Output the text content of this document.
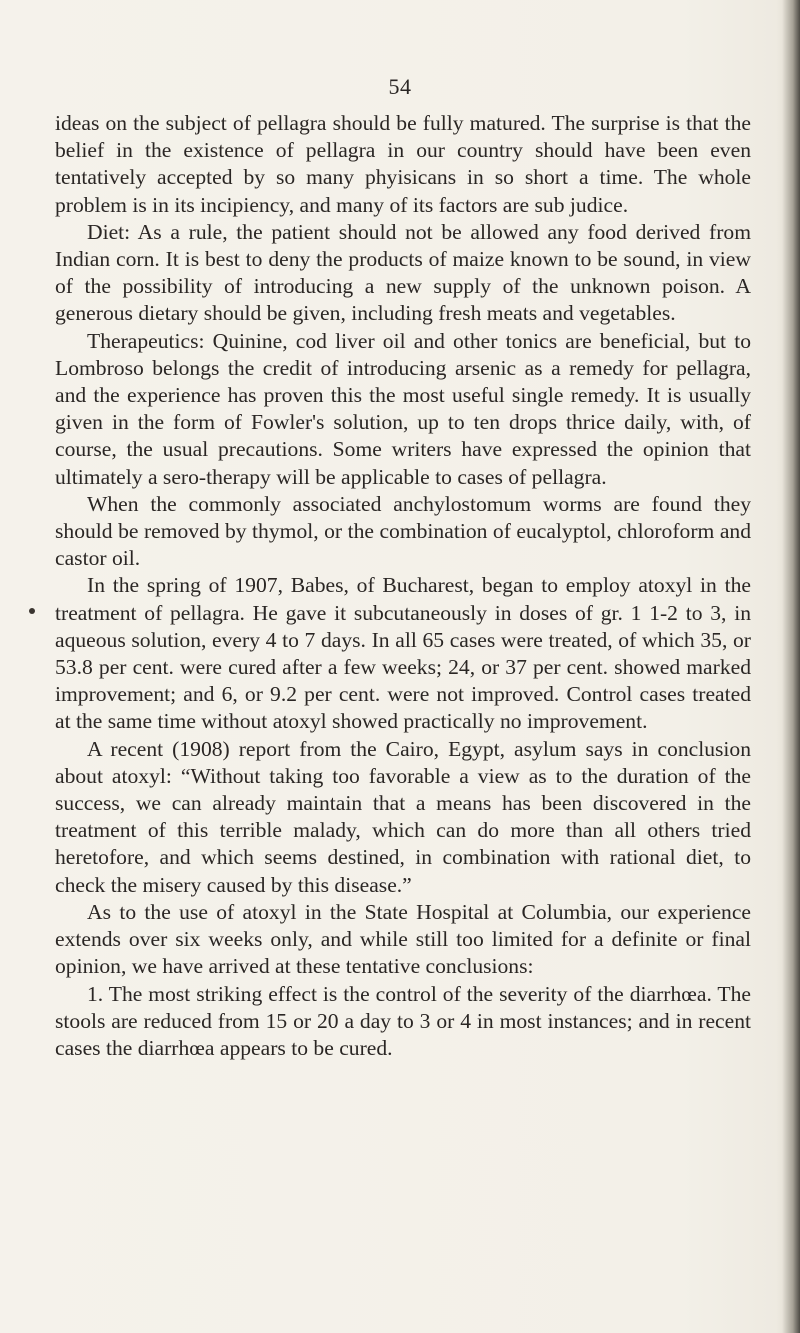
54

ideas on the subject of pellagra should be fully matured. The surprise is that the belief in the existence of pellagra in our country should have been even tentatively accepted by so many phyisicans in so short a time. The whole problem is in its incipiency, and many of its factors are sub judice.

Diet: As a rule, the patient should not be allowed any food derived from Indian corn. It is best to deny the products of maize known to be sound, in view of the possibility of introducing a new supply of the unknown poison. A generous dietary should be given, including fresh meats and vegetables.

Therapeutics: Quinine, cod liver oil and other tonics are beneficial, but to Lombroso belongs the credit of introducing arsenic as a remedy for pellagra, and the experience has proven this the most useful single remedy. It is usually given in the form of Fowler's solution, up to ten drops thrice daily, with, of course, the usual precautions. Some writers have expressed the opinion that ultimately a sero-therapy will be applicable to cases of pellagra.

When the commonly associated anchylostomum worms are found they should be removed by thymol, or the combination of eucalyptol, chloroform and castor oil.

In the spring of 1907, Babes, of Bucharest, began to employ atoxyl in the treatment of pellagra. He gave it subcutaneously in doses of gr. 1 1-2 to 3, in aqueous solution, every 4 to 7 days. In all 65 cases were treated, of which 35, or 53.8 per cent. were cured after a few weeks; 24, or 37 per cent. showed marked improvement; and 6, or 9.2 per cent. were not improved. Control cases treated at the same time without atoxyl showed practically no improvement.

A recent (1908) report from the Cairo, Egypt, asylum says in conclusion about atoxyl: “Without taking too favorable a view as to the duration of the success, we can already maintain that a means has been discovered in the treatment of this terrible malady, which can do more than all others tried heretofore, and which seems destined, in combination with rational diet, to check the misery caused by this disease.”

As to the use of atoxyl in the State Hospital at Columbia, our experience extends over six weeks only, and while still too limited for a definite or final opinion, we have arrived at these tentative conclusions:

1. The most striking effect is the control of the severity of the diarrhœa. The stools are reduced from 15 or 20 a day to 3 or 4 in most instances; and in recent cases the diarrhœa appears to be cured.
